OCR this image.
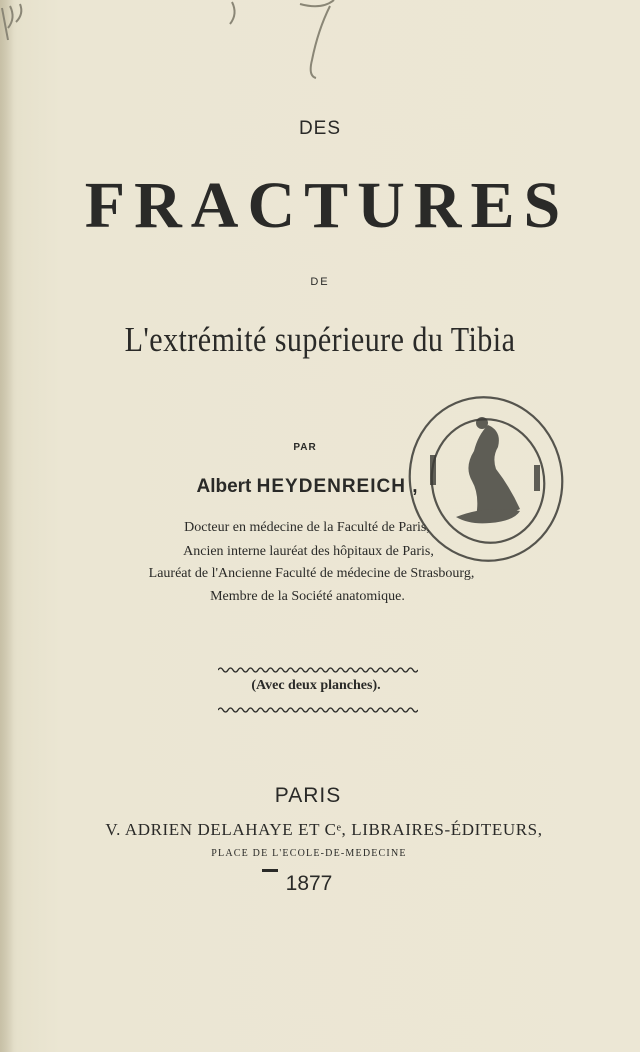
DES
FRACTURES
DE
L'extrémité supérieure du Tibia
PAR
Albert HEYDENREICH ,
Docteur en médecine de la Faculté de Paris,
Ancien interne lauréat des hôpitaux de Paris,
Lauréat de l'Ancienne Faculté de médecine de Strasbourg,
Membre de la Société anatomique.
(Avec deux planches).
PARIS
V. ADRIEN DELAHAYE ET Cᵉ, LIBRAIRES-ÉDITEURS,
PLACE DE L'ECOLE-DE-MEDECINE
1877
